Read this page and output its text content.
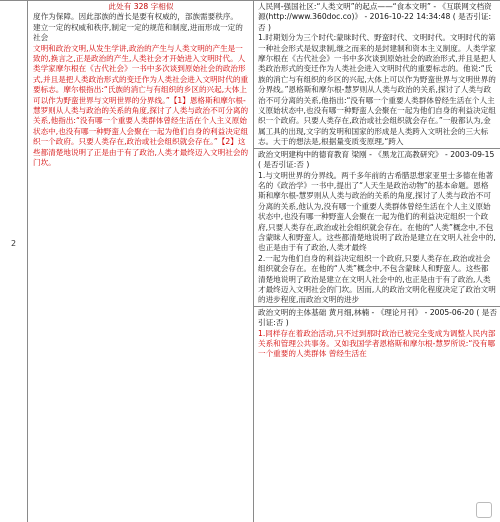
2

此处有 328 字相似

度作为保障。因此部族的酋长是要有权威的，部族需要秩序。

建立一定的权威和秩序,制定一定的规范和制度,进而形成一定的社会

文明和政治文明,从发生学讲,政治的产生与人类文明的产生是一致的,换言之,正是政治的产生,人类社会才开始进入文明时代。人类学家摩尔根在《古代社会》一书中多次谈到原始社会的政治形式,并且是把人类政治形式的变迁作为人类社会进入文明时代的重要标志。摩尔根指出:“氏族的消亡与有组织的乡区的兴起,大体上可以作为野蛮世界与文明世界的分界线。”【1】恩格斯和摩尔根-慧罗则从人类与政治的关系的角度,探讨了人类与政治不可分离的关系,他指出:“没有哪一个重要人类群体曾经生活在个人主义原始状态中,也没有哪一种野蛮人会聚在一起为他们自身的利益决定组织一个政府。只要人类存在,政治或社会组织就会存在。”【2】这些都清楚地说明了正是由于有了政治,人类才最终迈入文明社会的门坎。

人民网-强国社区:“人类文明”的起点——“食本文明” - 《互联网文档资源(http://www.360doc.co)》 - 2016-10-22 14:34:48 ( 是否引证:否 )
1.时期划分为三个时代:蒙昧时代、野蛮时代、文明时代。文明时代的第一种社会形式是奴隶制,继之而来的是封建制和资本主义制度。人类学家摩尔根在《古代社会》一书中多次谈到原始社会的政治形式,并且是把人类政治形式的变迁作为人类社会进入文明时代的重要标志的。他说:“氏族的消亡与有组织的乡区的兴起,大体上可以作为野蛮世界与文明世界的分界线。”恩格斯和摩尔根-慧罗则从人类与政治的关系,探讨了人类与政治不可分离的关系,他指出:“没有哪一个重要人类群体曾经生活在个人主义原始状态中,也没有哪一种野蛮人会聚在一起为他们自身的利益决定组织一个政府。只要人类存在,政治或社会组织就会存在。”一般都认为,金属工具的出现,文字的发明和国家的形成是人类跨入文明社会的三大标志。大于的想法是,根据量变质变原理,“跨入
政治文明建构中的德育教育 梁刚 - 《黑龙江高教研究》 - 2003-09-15 ( 是否引证:否 )
1.与文明世界的分界线。两千多年前的古希腊思想家亚里士多德在他著名的《政治学》一书中,提出了“人天生是政治动物”的基本命题。恩格斯和摩尔根-慧罗则从人类与政治的关系的角度,探讨了人类与政治不可分离的关系,他认为,没有哪一个重要人类群体曾经生活在个人主义原始状态中,也没有哪一种野蛮人会聚在一起为他们的利益决定组织一个政府,只要人类存在,政治或社会组织就会存在。在他的“人类”概念中,不包含蒙昧人和野蛮人。这些都清楚地说明了政治是建立在文明人社会中的,也正是由于有了政治,人类才最终
2.一起为他们自身的利益决定组织一个政府,只要人类存在,政治或社会组织就会存在。在他的“人类”概念中,不包含蒙昧人和野蛮人。这些都清楚地说明了政治是建立在文明人社会中的,也正是由于有了政治,人类才最终迈入文明社会的门坎。因而,人的政治文明化程度决定了政治文明的进步程度,而政治文明的进步
政治文明的主体基础 黄月细,林楠 - 《理论月刊》 - 2005-06-20 ( 是否引证:否 )
1.同样存在着政治活动,只不过到那时政治已被完全变成为调整人民内部关系和管理公共事务。又如我国学者恩格斯和摩尔根-慧罗所说:“没有哪一个重要的人类群体 曾经生活在
